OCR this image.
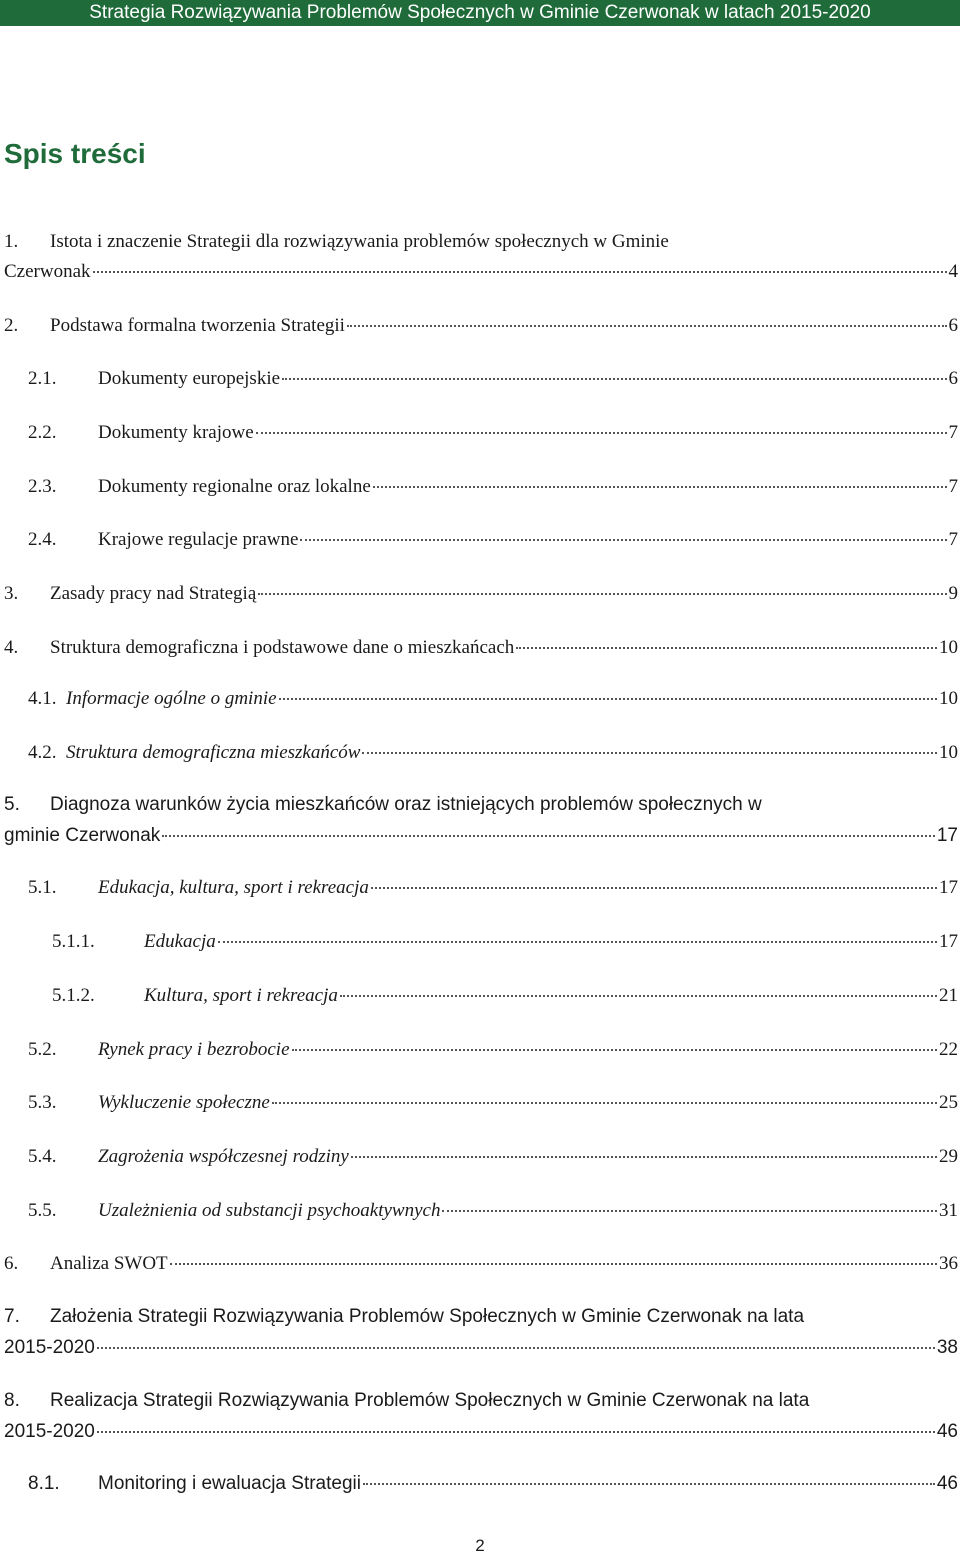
Strategia Rozwiązywania Problemów Społecznych w Gminie Czerwonak w latach 2015-2020
Spis treści
1. Istota i znaczenie Strategii dla rozwiązywania problemów społecznych w Gminie
Czerwonak	4
2.	Podstawa formalna tworzenia Strategii	6
2.1.	Dokumenty europejskie	6
2.2.	Dokumenty krajowe	7
2.3.	Dokumenty regionalne oraz lokalne	7
2.4.	Krajowe regulacje prawne	7
3.	Zasady pracy nad Strategią	9
4.	Struktura demograficzna i podstawowe dane o mieszkańcach	10
4.1. Informacje ogólne o gminie	10
4.2. Struktura demograficzna mieszkańców	10
5. Diagnoza warunków życia mieszkańców oraz istniejących problemów społecznych w
gminie Czerwonak	17
5.1.	Edukacja, kultura, sport i rekreacja	17
5.1.1.	Edukacja	17
5.1.2.	Kultura, sport i rekreacja	21
5.2.	Rynek pracy i bezrobocie	22
5.3.	Wykluczenie społeczne	25
5.4.	Zagrożenia współczesnej rodziny	29
5.5.	Uzależnienia od substancji psychoaktywnych	31
6.	Analiza SWOT	36
7. Założenia Strategii Rozwiązywania Problemów Społecznych w Gminie Czerwonak na lata
2015-2020	38
8. Realizacja Strategii Rozwiązywania Problemów Społecznych w Gminie Czerwonak na lata
2015-2020	46
8.1.	Monitoring i ewaluacja Strategii	46
2
